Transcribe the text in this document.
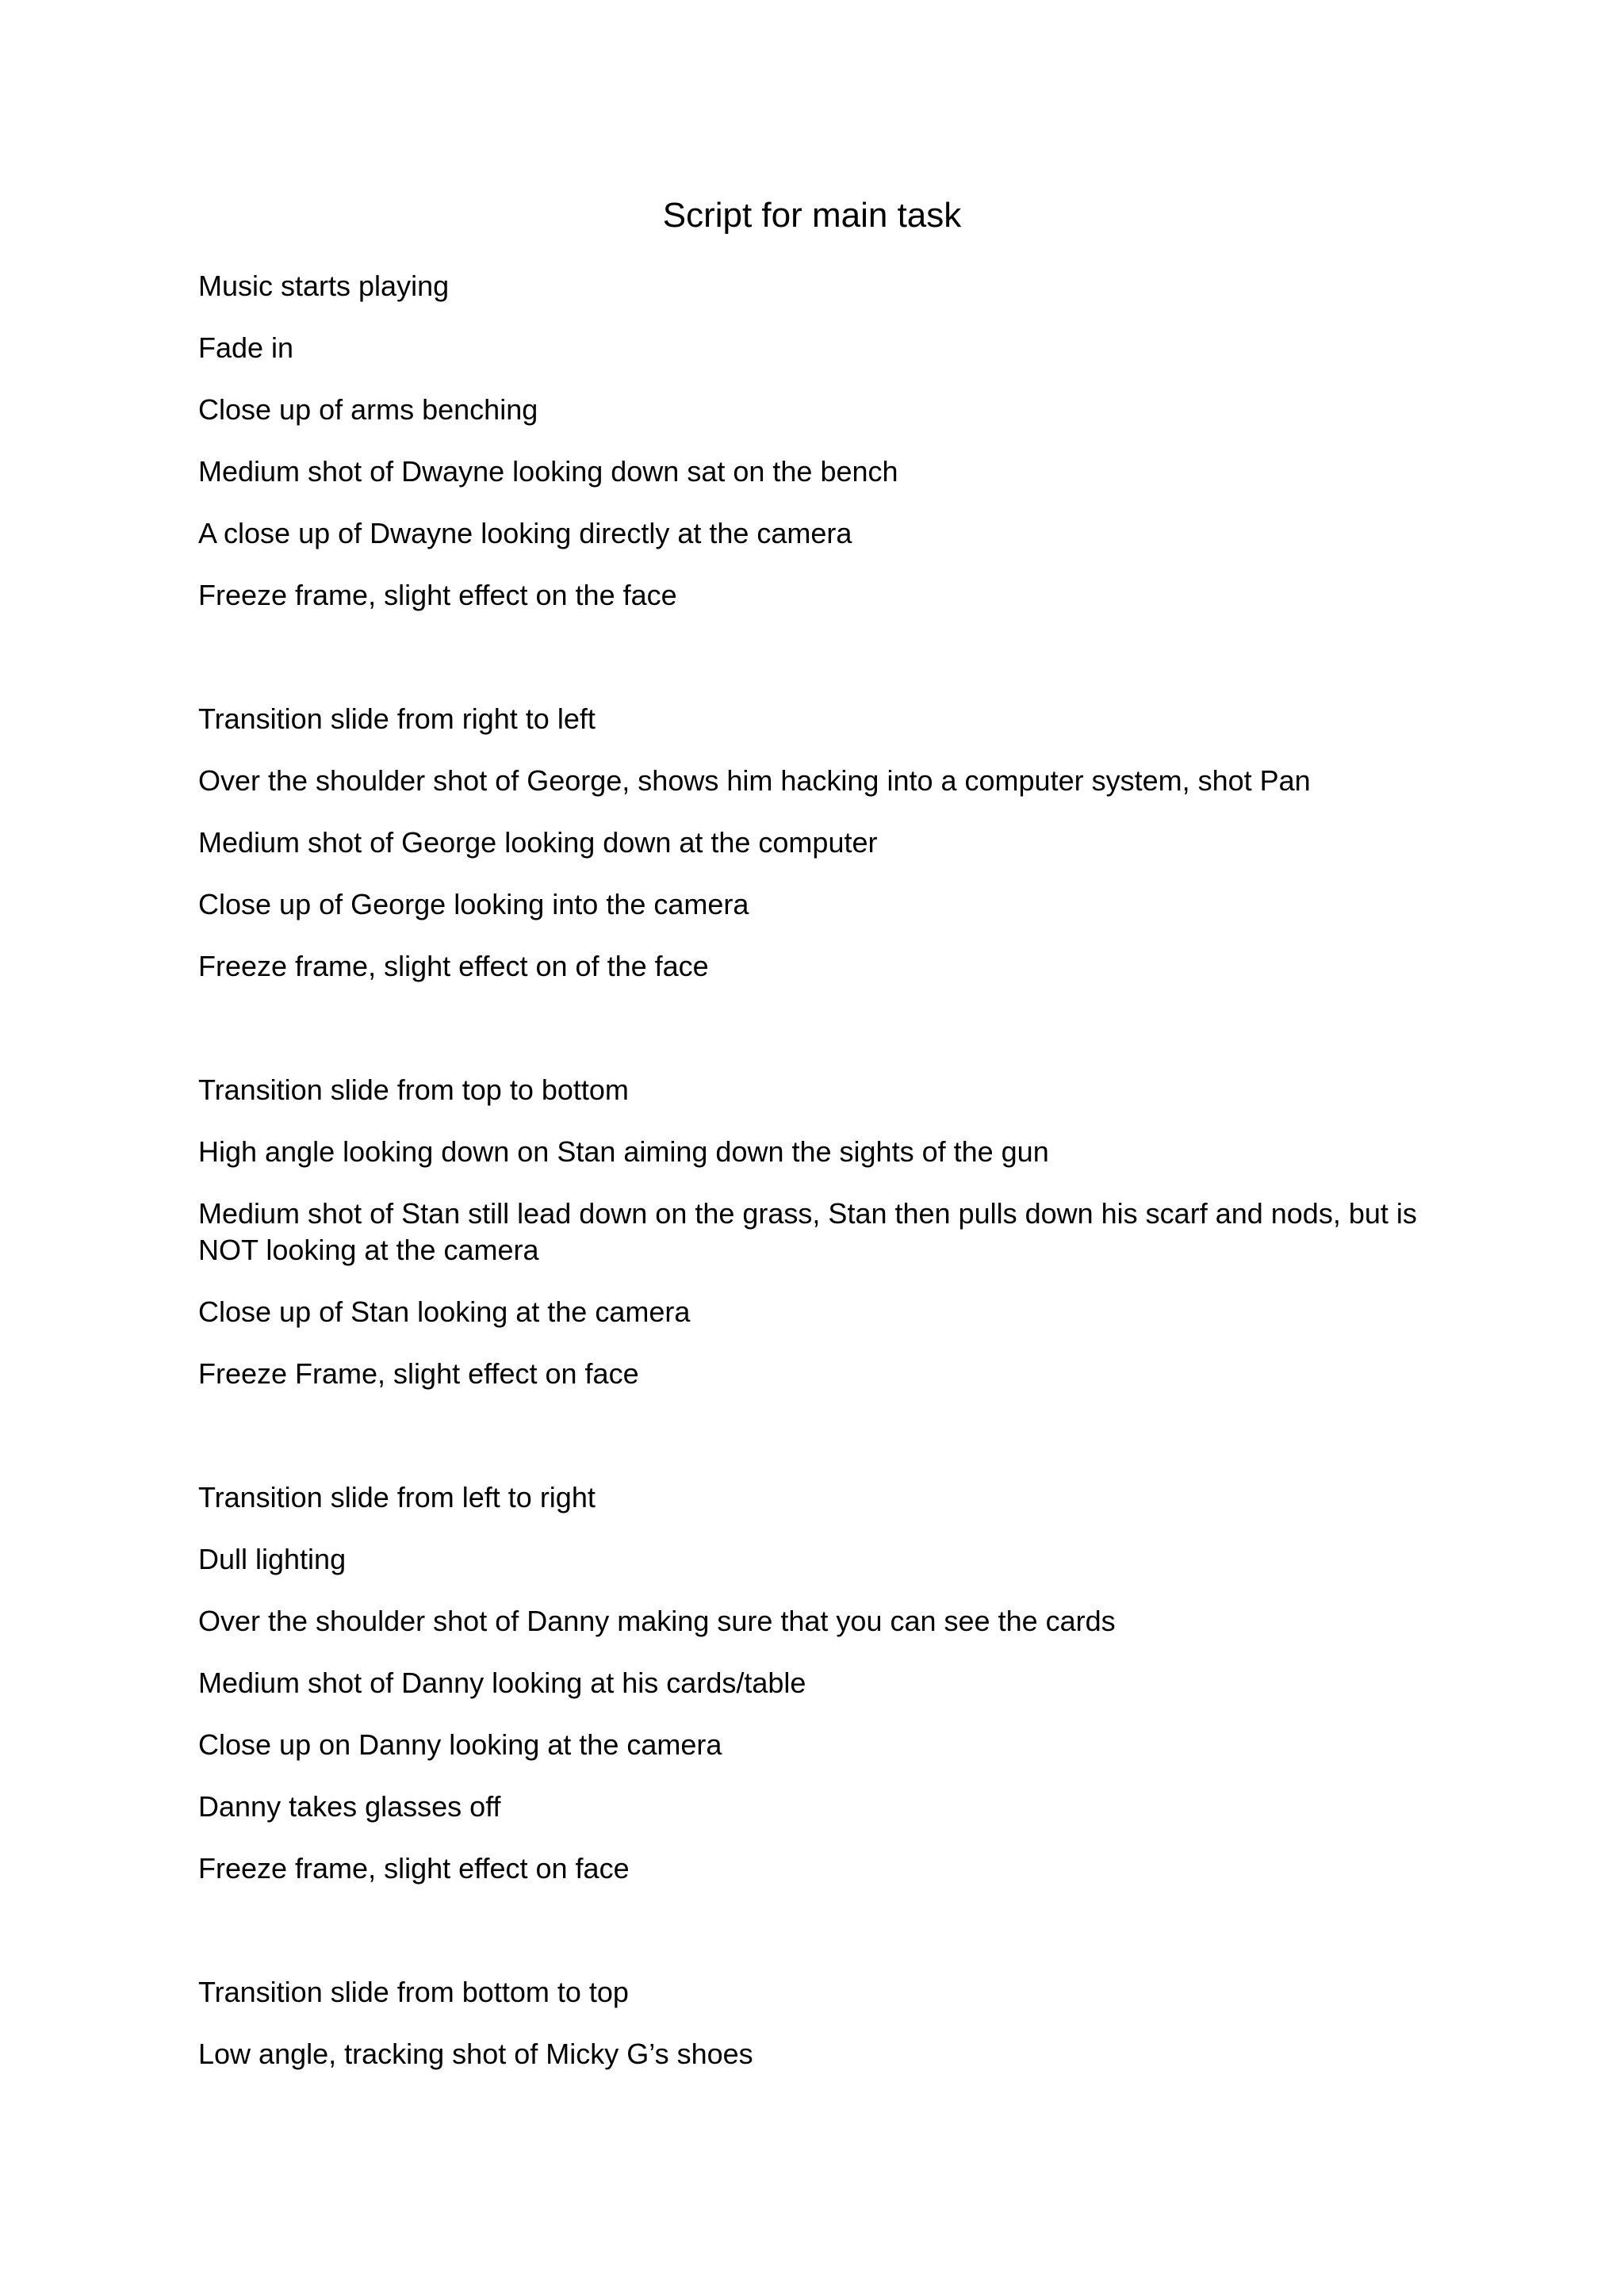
Script for main task

Music starts playing

Fade in

Close up of arms benching

Medium shot of Dwayne looking down sat on the bench

A close up of Dwayne looking directly at the camera

Freeze frame, slight effect on the face

Transition slide from right to left

Over the shoulder shot of George, shows him hacking into a computer system, shot Pan

Medium shot of George looking down at the computer

Close up of George looking into the camera

Freeze frame, slight effect on of the face

Transition slide from top to bottom

High angle looking down on Stan aiming down the sights of the gun

Medium shot of Stan still lead down on the grass, Stan then pulls down his scarf and nods, but is NOT looking at the camera

Close up of Stan looking at the camera

Freeze Frame, slight effect on face

Transition slide from left to right

Dull lighting

Over the shoulder shot of Danny making sure that you can see the cards

Medium shot of Danny looking at his cards/table

Close up on Danny looking at the camera

Danny takes glasses off

Freeze frame, slight effect on face

Transition slide from bottom to top

Low angle, tracking shot of Micky G’s shoes
